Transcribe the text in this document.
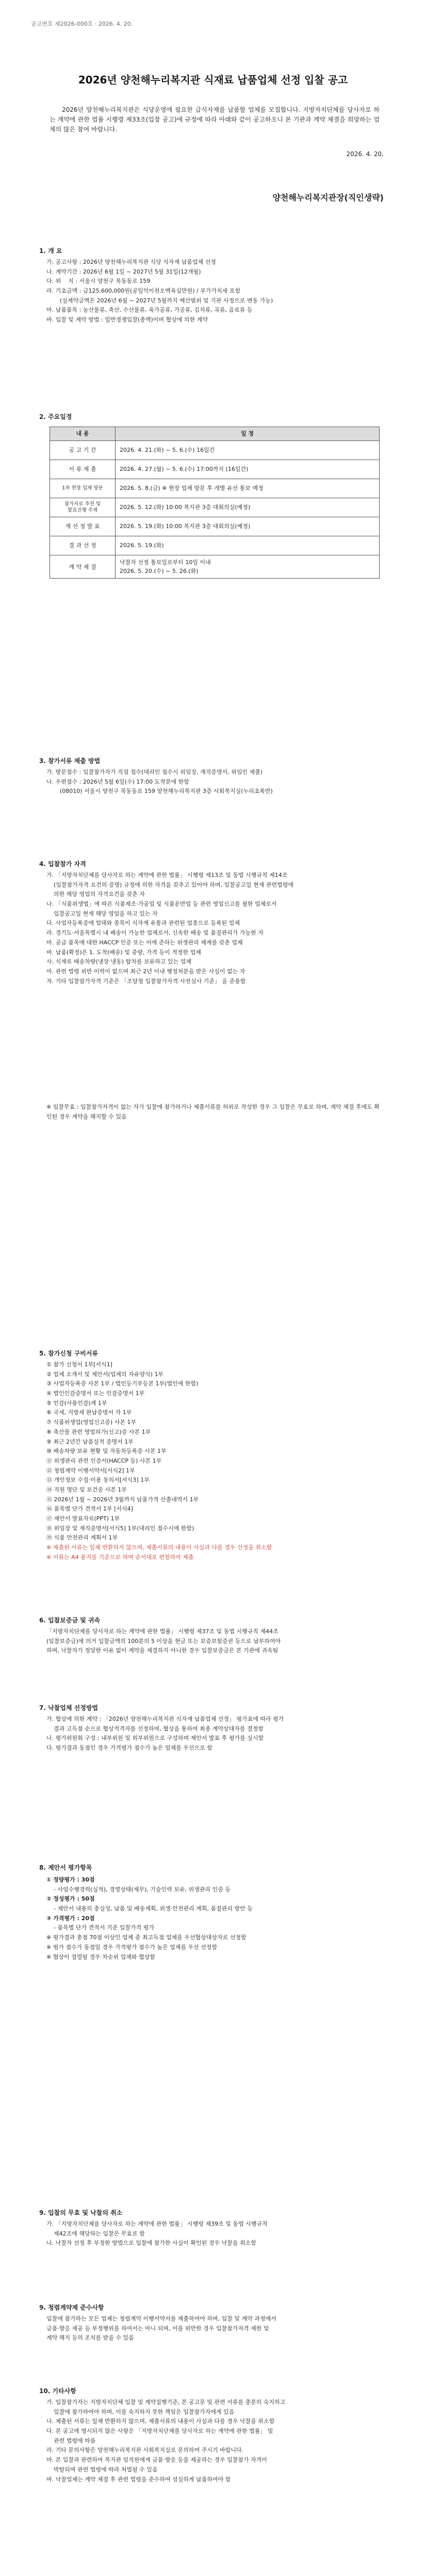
공고번호 제2026-000호 · 2026. 4. 20.
2026년 양천해누리복지관 식재료 납품업체 선정 입찰 공고

2026년 양천해누리복지관은 식당운영에 필요한 급식자재를 납품할 업체를 모집합니다. 지방자치단체를 당사자로 하는 계약에 관한 법률 시행령 제33조(입찰 공고)에 규정에 따라 아래와 같이 공고하오니 본 기관과 계약 체결을 희망하는 업체의 많은 참여 바랍니다.

2026. 4. 20.
양천해누리복지관장(직인생략)
1. 개 요
가. 공고사항 : 2026년 양천해누리복지관 식당 식자재 납품업체 선정
나. 계약기간 : 2026년 6월 1일 ~ 2027년 5월 31일(12개월)
다. 위    치 : 서울시 양천구 목동동로 159
라. 기초금액 : 금125,600,000원(공일억이천오백육십만원) / 부가가치세 포함
(실계약금액은 2026년 6월 ~ 2027년 5월까지 예산범위 및 기관 사정으로 변동 가능)
마. 납품품목 : 농산물류, 축산, 수산물류, 육가공류, 가공류, 김치류, 곡류, 음료류 등
바. 입찰 및 계약 방법 : 일반경쟁입찰(총액)이며 협상에 의한 계약
2. 주요일정
내 용	일 정
공 고 기 간	2026. 4. 21.(화) ~ 5. 6.(수) 16일간
서 류 제 출	2026. 4. 27.(월) ~ 5. 6.(수) 17:00까지 (16일간)
1차 현장 업체 방문	2026. 5. 8.(금) ※ 현장 업체 방문 후 개별 유선 통보 예정
참가자로 추천 및
발표진행 주제	2026. 5. 12.(화) 10:00 복지관 3층 대회의실(예정)
재 선 정 발 표	2026. 5. 19.(화) 10:00 복지관 3층 대회의실(예정)
결 과 선 정	2026. 5. 19.(화)
계 약 체 결	낙찰자 선정 통보일로부터 10일 이내
2026. 5. 20.(수) ~ 5. 26.(화)
3. 참가서류 제출 방법
가. 방문접수 : 입찰참가자가 직접 접수(대리인 접수시 위임장, 재직증명서, 위임인 제출)
나. 우편접수 : 2026년 5월 6일(수) 17:00 도착분에 한함
(08010) 서울시 양천구 목동동로 159 양천해누리복지관 3층 사회복지실(누리초록반)
4. 입찰참가 자격
가. 「지방자치단체를 당사자로 하는 계약에 관한 법률」 시행령 제13조 및 동법 시행규칙 제14조
(입찰참가자격 요건의 증명) 규정에 의한 자격을 갖추고 있어야 하며, 입찰공고일 현재 관련법령에
의한 해당 영업의 자격요건을 갖춘 자
나. 「식품위생법」에 따른 식품제조·가공업 및 식품운반업 등 관련 영업신고를 필한 업체로서
입찰공고일 현재 해당 영업을 하고 있는 자
다. 사업자등록증에 업태와 종목이 식자재 유통과 관련된 업종으로 등록된 업체
라. 경기도·서울특별시 내 배송이 가능한 업체로서, 신속한 배송 및 품질관리가 가능한 자
마. 공급 품목에 대한 HACCP 인증 또는 이에 준하는 위생관리 체계를 갖춘 업체
바. 납품(확정)은 1. 도착(배송) 및 중량, 가격 등이 적정한 업체
사. 식재료 배송차량(냉장·냉동) 탑차를 보유하고 있는 업체
아. 관련 법령 위반 이력이 없으며 최근 2년 이내 행정처분을 받은 사실이 없는 자
자. 기타 입찰참가자격 기준은 「조달청 입찰참가자격 사전심사 기준」 을 준용함
※ 입찰무효 : 입찰참가자격이 없는 자가 입찰에 참가하거나 제출서류를 허위로 작성한 경우 그 입찰은 무효로 하며, 계약 체결 후에도 확인된 경우 계약을 해지할 수 있음
5. 참가신청 구비서류
① 참가 신청서 1부[서식1]
② 업체 소개서 및 제안서(업체의 자유양식) 1부
③ 사업자등록증 사본 1부 / 법인등기부등본 1부(법인에 한함)
④ 법인인감증명서 또는 인감증명서 1부
⑤ 인감(사용인감)계 1부
⑥ 국세, 지방세 완납증명서 각 1부
⑦ 식품위생업(영업신고증) 사본 1부
⑧ 축산물 관련 영업허가(신고)증 사본 1부
⑨ 최근 2년간 납품실적 증명서 1부
⑩ 배송차량 보유 현황 및 자동차등록증 사본 1부
⑪ 위생관리 관련 인증서(HACCP 등) 사본 1부
⑫ 청렴계약 이행서약서[서식2] 1부
⑬ 개인정보 수집·이용 동의서[서식3] 1부
⑭ 직원 명단 및 보건증 사본 1부
⑮ 2026년 1월 ~ 2026년 3월까지 납품가격 산출내역서 1부
⑯ 품목별 단가 견적서 1부 [서식4]
⑰ 제안서 발표자료(PPT) 1부
⑱ 위임장 및 재직증명서[서식5] 1부(대리인 접수시에 한함)
⑲ 식품 안전관리 계획서 1부
※ 제출된 서류는 일체 반환하지 않으며, 제출서류의 내용이 사실과 다를 경우 선정을 취소함
※ 서류는 A4 용지를 기준으로 하며 순서대로 편철하여 제출
6. 입찰보증금 및 귀속
「지방자치단체를 당사자로 하는 계약에 관한 법률」 시행령 제37조 및 동법 시행규칙 제44조
(입찰보증금)에 의거 입찰금액의 100분의 5 이상을 현금 또는 보증보험증권 등으로 납부하여야
하며, 낙찰자가 정당한 이유 없이 계약을 체결하지 아니한 경우 입찰보증금은 본 기관에 귀속됨
7. 낙찰업체 선정방법
가. 협상에 의한 계약 : 「2026년 양천해누리복지관 식자재 납품업체 선정」 평가표에 따라 평가
결과 고득점 순으로 협상적격자를 선정하며, 협상을 통하여 최종 계약상대자를 결정함
나. 평가위원회 구성 : 내부위원 및 외부위원으로 구성하며 제안서 발표 후 평가를 실시함
다. 평가결과 동점인 경우 가격평가 점수가 높은 업체를 우선으로 함
8. 제안서 평가항목
① 정량평가 : 30점
- 사업수행경력(실적), 경영상태(재무), 기술인력 보유, 위생관리 인증 등
② 정성평가 : 50점
- 제안서 내용의 충실성, 납품 및 배송계획, 위생·안전관리 계획, 품질관리 방안 등
③ 가격평가 : 20점
- 품목별 단가 견적서 기준 입찰가격 평가
※ 평가결과 총점 70점 이상인 업체 중 최고득점 업체를 우선협상대상자로 선정함
※ 평가 점수가 동점일 경우 가격평가 점수가 높은 업체를 우선 선정함
※ 협상이 결렬될 경우 차순위 업체와 협상함
9. 입찰의 무효 및 낙찰의 취소
가. 「지방자치단체를 당사자로 하는 계약에 관한 법률」 시행령 제39조 및 동법 시행규칙
제42조에 해당하는 입찰은 무효로 함
나. 낙찰자 선정 후 부정한 방법으로 입찰에 참가한 사실이 확인된 경우 낙찰을 취소함
9. 청렴계약제 준수사항
입찰에 참가하는 모든 업체는 청렴계약 이행서약서를 제출하여야 하며, 입찰 및 계약 과정에서
금품·향응 제공 등 부정행위를 하여서는 아니 되며, 이를 위반한 경우 입찰참가자격 제한 및
계약 해지 등의 조치를 받을 수 있음
10. 기타사항
가. 입찰참가자는 지방자치단체 입찰 및 계약집행기준, 본 공고문 및 관련 서류를 충분히 숙지하고
입찰에 참가하여야 하며, 이를 숙지하지 못한 책임은 입찰참가자에게 있음
나. 제출된 서류는 일체 반환하지 않으며, 제출서류의 내용이 사실과 다를 경우 낙찰을 취소함
다. 본 공고에 명시되지 않은 사항은 「지방자치단체를 당사자로 하는 계약에 관한 법률」 및
관련 법령에 따름
라. 기타 문의사항은 양천해누리복지관 사회복지실로 문의하여 주시기 바랍니다.
마. 본 입찰과 관련하여 복지관 임직원에게 금품·향응 등을 제공하는 경우 입찰참가 자격이
박탈되며 관련 법령에 따라 처벌될 수 있음
바. 낙찰업체는 계약 체결 후 관련 법령을 준수하여 성실하게 납품하여야 함
